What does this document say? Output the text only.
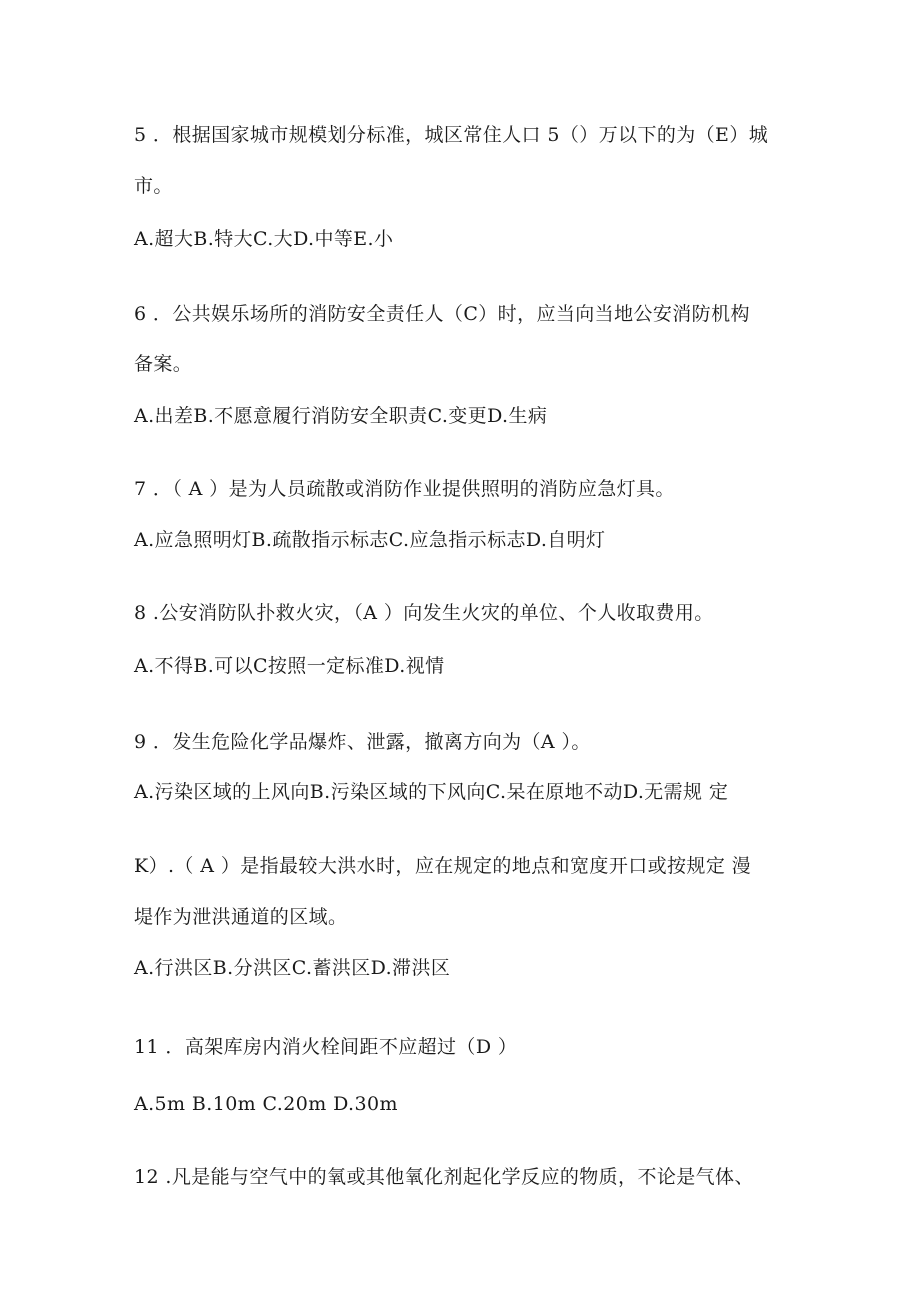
5 ．根据国家城市规模划分标准，城区常住人口 5（）万以下的为（E）城
市。
A.超大B.特大C.大D.中等E.小
6 ．公共娱乐场所的消防安全责任人（C）时，应当向当地公安消防机构
备案。
A.出差B.不愿意履行消防安全职责C.变更D.生病
7 ．（ A ）是为人员疏散或消防作业提供照明的消防应急灯具。
A.应急照明灯B.疏散指示标志C.应急指示标志D.自明灯
8 .公安消防队扑救火灾，（A ）向发生火灾的单位、个人收取费用。
A.不得B.可以C按照一定标准D.视情
9 ．发生危险化学品爆炸、泄露，撤离方向为（A ）。
A.污染区域的上风向B.污染区域的下风向C.呆在原地不动D.无需规 定
K）.（ A ）是指最较大洪水时，应在规定的地点和宽度开口或按规定 漫
堤作为泄洪通道的区域。
A.行洪区B.分洪区C.蓄洪区D.滞洪区
11 ．高架库房内消火栓间距不应超过（D ）
A.5m B.10m C.20m D.30m
12 .凡是能与空气中的氧或其他氧化剂起化学反应的物质，不论是气体、
